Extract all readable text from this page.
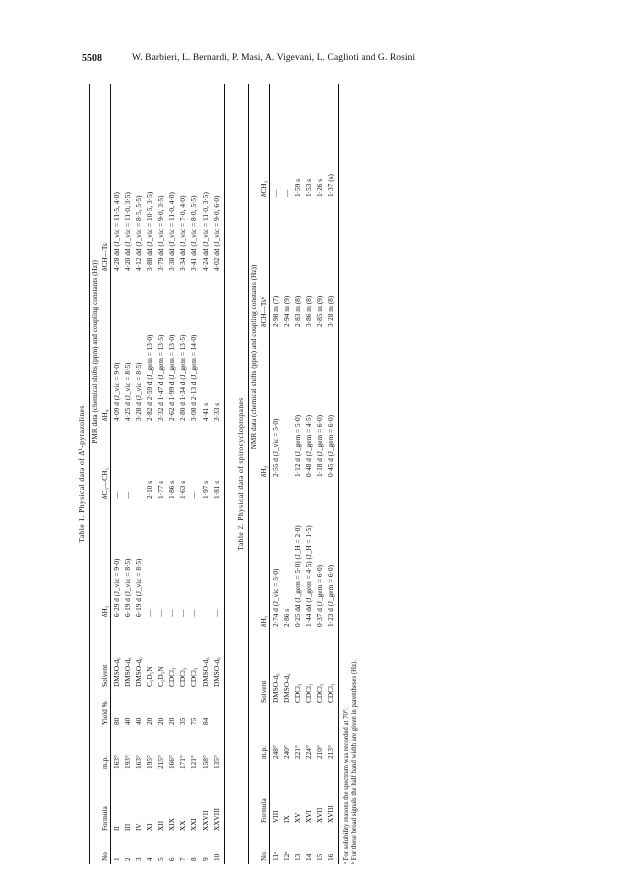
5508	W. Barbieri, L. Bernardi, P. Masi, A. Vigevani, L. Caglioti and G. Rosini
Table 1. Physical data of Δ¹-pyrazolines
					PMR data (chemical shifts (ppm) and coupling constants (Hz))			
No	Formula	m.p.	Yield %	Solvent	δH₃	δC₃—CH₃	δH₄	δCH—Ts
1	II	163°	80	DMSO-d₆	6·29 d (J_vic = 9·0)	—	4·09 d (J_vic = 9·0)	4·28 dd (J_vic = 11·5, 4·0)
2	III	193°	40	DMSO-d₆	6·19 d (J_vic = 8·5)	—	4·25 d (J_vic = 8·5)	4·20 dd (J_vic = 11·0, 3·5)
3	IV	163°	40	DMSO-d₆	6·19 d (J_vic = 8·5)		3·28 d (J_vic = 8·5)	4·12 dd (J_vic = 8·5, 5·5)
4	XI	195°	20	C₅D₅N	—	2·10 s	2·82 d 2·59 d (J_gem = 13·0)	3·88 dd (J_vic = 10·5, 3·5)
5	XII	215°	20	C₅D₅N	—	1·77 s	3·32 d 1·47 d (J_gem = 13·5)	3·79 dd (J_vic = 9·0, 3·5)
6	XIX	166°	20	CDCl₃	—	1·86 s	2·62 d 1·99 d (J_gem = 13·0)	3·38 dd (J_vic = 11·0, 4·0)
7	XX	171°	35	CDCl₃	—	1·63 s	2·80 d 1·34 d (J_gem = 13·5)	3·34 dd (J_vic = 7·0, 4·0)
8	XXI	121°	75	CDCl₃	—	—	3·08 d 2·13 d (J_gem = 14·0)	3·41 dd (J_vic = 8·0, 5·5)
9	XXVII	158°	84	DMSO-d₆		1·97 s	4·41 s	4·24 dd (J_vic = 11·0, 3·5)
10	XXVIII	135°		DMSO-d₆	—	1·81 s	3·33 s	4·02 dd (J_vic = 9·0, 6·0)
Table 2. Physical data of spirocyclopropanes
				NMR data (chemical shifts (ppm) and coupling constants (Hz))			
No	Formula	m.p.	Solvent	δH₁	δH₂	δCH—Tsᵇ	δCH₃
11ᵃ	VIII	248°	DMSO-d₆	2·74 d (J_vic = 5·0)	2·55 d (J_vic = 5·0)	2·98 m (7)	—
12ᵃ	IX	240°	DMSO-d₆	2·86 s		2·94 m (9)	—
13	XV	221°	CDCl₃	0·25 dd (J_gem = 5·0) (J_H = 2·0)	1·12 d (J_gem = 5·0)	2·83 m (8)	1·59 s
14	XVI	224°	CDCl₃	1·44 dd (J_gem = 4·5) (J_H = 1·5)	0·48 d (J_gem = 4·5)	3·86 m (8)	1·53 s
15	XVII	210°	CDCl₃	0·37 d (J_gem = 6·0)	1·18 d (J_gem = 6·0)	2·85 m (9)	1·26 s
16	XVIII	213°	CDCl₃	1·23 d (J_gem = 6·0)	0·45 d (J_gem = 6·0)	3·28 m (8)	1·37 (s)
ᵃ For solubility reasons the spectrum was recorded at 70°. ᵇ For these broad signals the half band width are given in parentheses (Hz).
